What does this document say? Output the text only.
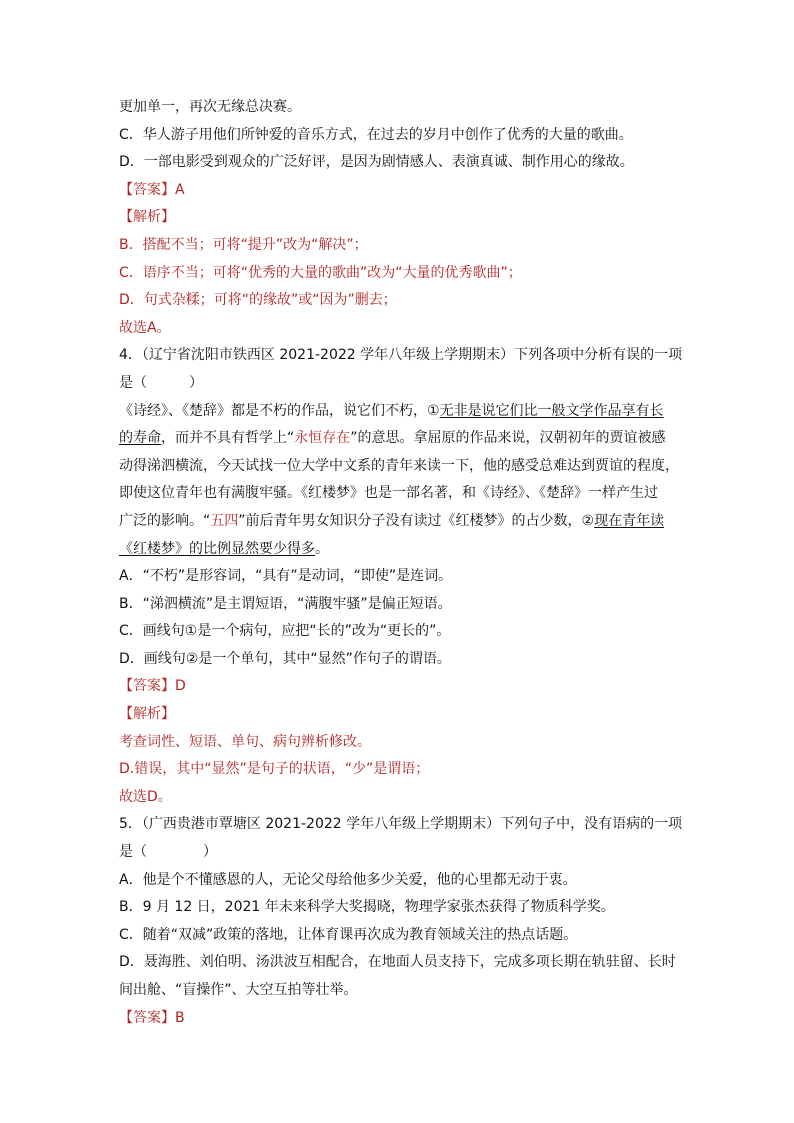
更加单一，再次无缘总决赛。
C．华人游子用他们所钟爱的音乐方式，在过去的岁月中创作了优秀的大量的歌曲。
D．一部电影受到观众的广泛好评，是因为剧情感人、表演真诚、制作用心的缘故。
【答案】A
【解析】
B．搭配不当；可将“提升”改为“解决”；
C．语序不当；可将“优秀的大量的歌曲”改为“大量的优秀歌曲”；
D．句式杂糅；可将“的缘故”或“因为”删去；
故选A。
4．（辽宁省沈阳市铁西区 2021-2022 学年八年级上学期期末）下列各项中分析有误的一项
是（　　　）
《诗经》、《楚辞》都是不朽的作品，说它们不朽，①无非是说它们比一般文学作品享有长
的寿命，而并不具有哲学上“永恒存在”的意思。拿屈原的作品来说，汉朝初年的贾谊被感
动得涕泗横流，今天试找一位大学中文系的青年来读一下，他的感受总难达到贾谊的程度，
即使这位青年也有满腹牢骚。《红楼梦》也是一部名著，和《诗经》、《楚辞》一样产生过
广泛的影响。“五四”前后青年男女知识分子没有读过《红楼梦》的占少数，②现在青年读
《红楼梦》的比例显然要少得多。
A．“不朽”是形容词，“具有”是动词，“即使”是连词。
B．“涕泗横流”是主谓短语，“满腹牢骚”是偏正短语。
C．画线句①是一个病句，应把“长的”改为“更长的”。
D．画线句②是一个单句，其中“显然”作句子的谓语。
【答案】D
【解析】
考查词性、短语、单句、病句辨析修改。
D.错误，其中“显然”是句子的状语，“少”是谓语；
故选D。
5．（广西贵港市覃塘区 2021-2022 学年八年级上学期期末）下列句子中，没有语病的一项
是（　　　　）
A．他是个不懂感恩的人，无论父母给他多少关爱，他的心里都无动于衷。
B．9 月 12 日，2021 年未来科学大奖揭晓，物理学家张杰获得了物质科学奖。
C．随着“双减”政策的落地，让体育课再次成为教育领域关注的热点话题。
D．聂海胜、刘伯明、汤洪波互相配合，在地面人员支持下，完成多项长期在轨驻留、长时
间出舱、“盲操作”、大空互拍等壮举。
【答案】B
